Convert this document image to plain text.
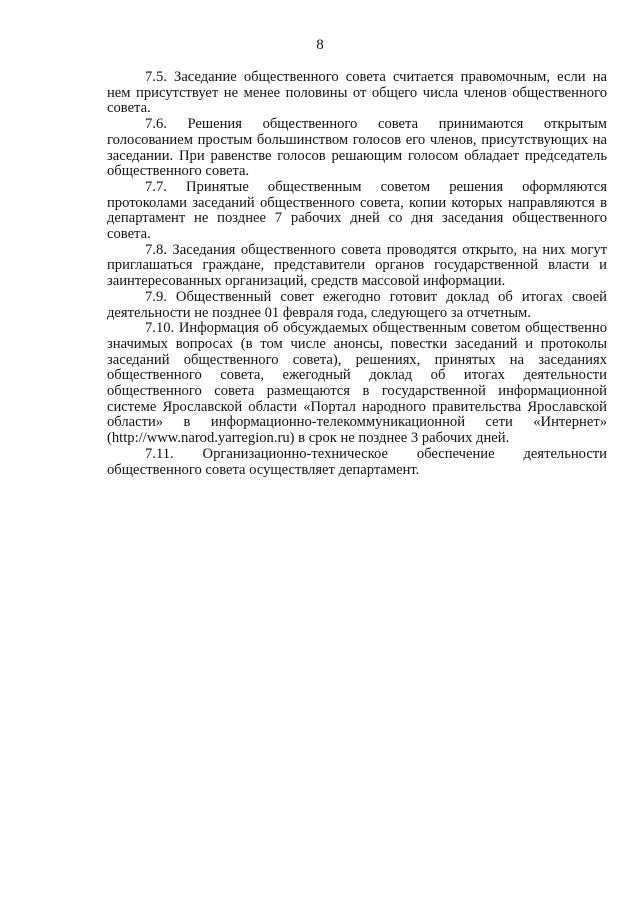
8

7.5. Заседание общественного совета считается правомочным, если на нем присутствует не менее половины от общего числа членов общественного совета.

7.6. Решения общественного совета принимаются открытым голосованием простым большинством голосов его членов, присутствующих на заседании. При равенстве голосов решающим голосом обладает председатель общественного совета.

7.7. Принятые общественным советом решения оформляются протоколами заседаний общественного совета, копии которых направляются в департамент не позднее 7 рабочих дней со дня заседания общественного совета.

7.8. Заседания общественного совета проводятся открыто, на них могут приглашаться граждане, представители органов государственной власти и заинтересованных организаций, средств массовой информации.

7.9. Общественный совет ежегодно готовит доклад об итогах своей деятельности не позднее 01 февраля года, следующего за отчетным.

7.10. Информация об обсуждаемых общественным советом общественно значимых вопросах (в том числе анонсы, повестки заседаний и протоколы заседаний общественного совета), решениях, принятых на заседаниях общественного совета, ежегодный доклад об итогах деятельности общественного совета размещаются в государственной информационной системе Ярославской области «Портал народного правительства Ярославской области» в информационно-телекоммуникационной сети «Интернет» (http://www.narod.yarregion.ru) в срок не позднее 3 рабочих дней.

7.11. Организационно-техническое обеспечение деятельности общественного совета осуществляет департамент.
